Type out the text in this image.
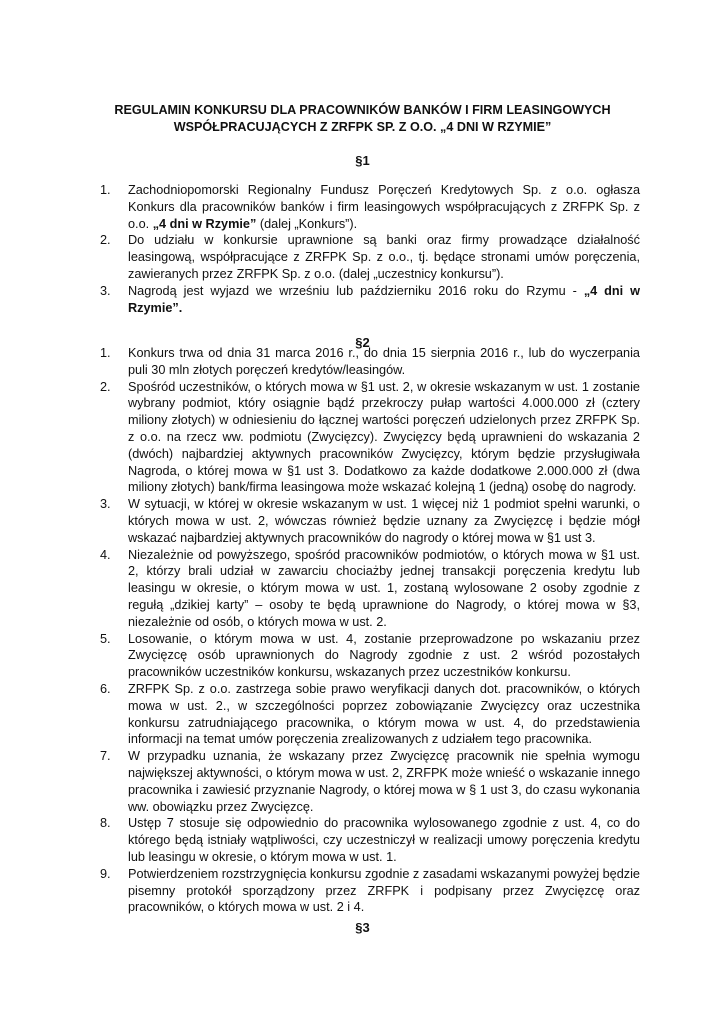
REGULAMIN KONKURSU DLA PRACOWNIKÓW BANKÓW I FIRM LEASINGOWYCH
WSPÓŁPRACUJĄCYCH Z ZRFPK SP. Z O.O. „4 DNI W RZYMIE”
§1
1.	Zachodniopomorski Regionalny Fundusz Poręczeń Kredytowych Sp. z o.o. ogłasza Konkurs dla pracowników banków i firm leasingowych współpracujących z ZRFPK Sp. z o.o. „4 dni w Rzymie” (dalej „Konkurs”).
2.	Do udziału w konkursie uprawnione są banki oraz firmy prowadzące działalność leasingową, współpracujące z ZRFPK Sp. z o.o., tj. będące stronami umów poręczenia, zawieranych przez ZRFPK Sp. z o.o. (dalej „uczestnicy konkursu”).
3.	Nagrodą jest wyjazd we wrześniu lub październiku 2016 roku do Rzymu - „4 dni w Rzymie”.
§2
1.	Konkurs trwa od dnia 31 marca 2016 r., do dnia 15 sierpnia 2016 r., lub do wyczerpania puli 30 mln złotych poręczeń kredytów/leasingów.
2.	Spośród uczestników, o których mowa w §1 ust. 2, w okresie wskazanym w ust. 1 zostanie wybrany podmiot, który osiągnie bądź przekroczy pułap wartości 4.000.000 zł (cztery miliony złotych) w odniesieniu do łącznej wartości poręczeń udzielonych przez ZRFPK Sp. z o.o. na rzecz ww. podmiotu (Zwycięzcy). Zwycięzcy będą uprawnieni do wskazania 2 (dwóch) najbardziej aktywnych pracowników Zwycięzcy, którym będzie przysługiwała Nagroda, o której mowa w §1 ust 3. Dodatkowo za każde dodatkowe 2.000.000 zł (dwa miliony złotych) bank/firma leasingowa może wskazać kolejną 1 (jedną) osobę do nagrody.
3.	W sytuacji, w której w okresie wskazanym w ust. 1 więcej niż 1 podmiot spełni warunki, o których mowa w ust. 2, wówczas również będzie uznany za Zwycięzcę i będzie mógł wskazać najbardziej aktywnych pracowników do nagrody o której mowa w §1 ust 3.
4.	Niezależnie od powyższego, spośród pracowników podmiotów, o których mowa w §1 ust. 2, którzy brali udział w zawarciu chociażby jednej transakcji poręczenia kredytu lub leasingu w okresie, o którym mowa w ust. 1, zostaną wylosowane 2 osoby zgodnie z regułą „dzikiej karty” – osoby te będą uprawnione do Nagrody, o której mowa w §3, niezależnie od osób, o których mowa w ust. 2.
5.	Losowanie, o którym mowa w ust. 4, zostanie przeprowadzone po wskazaniu przez Zwycięzcę osób uprawnionych do Nagrody zgodnie z ust. 2 wśród pozostałych pracowników uczestników konkursu, wskazanych przez uczestników konkursu.
6.	ZRFPK Sp. z o.o. zastrzega sobie prawo weryfikacji danych dot. pracowników, o których mowa w ust. 2., w szczególności poprzez zobowiązanie Zwycięzcy oraz uczestnika konkursu zatrudniającego pracownika, o którym mowa w ust. 4, do przedstawienia informacji na temat umów poręczenia zrealizowanych z udziałem tego pracownika.
7.	W przypadku uznania, że wskazany przez Zwycięzcę pracownik nie spełnia wymogu największej aktywności, o którym mowa w ust. 2, ZRFPK może wnieść o wskazanie innego pracownika i zawiesić przyznanie Nagrody, o której mowa w § 1 ust 3, do czasu wykonania ww. obowiązku przez Zwycięzcę.
8.	Ustęp 7 stosuje się odpowiednio do pracownika wylosowanego zgodnie z ust. 4, co do którego będą istniały wątpliwości, czy uczestniczył w realizacji umowy poręczenia kredytu lub leasingu w okresie, o którym mowa w ust. 1.
9.	Potwierdzeniem rozstrzygnięcia konkursu zgodnie z zasadami wskazanymi powyżej będzie pisemny protokół sporządzony przez ZRFPK i podpisany przez Zwycięzcę oraz pracowników, o których mowa w ust. 2 i 4.
§3
